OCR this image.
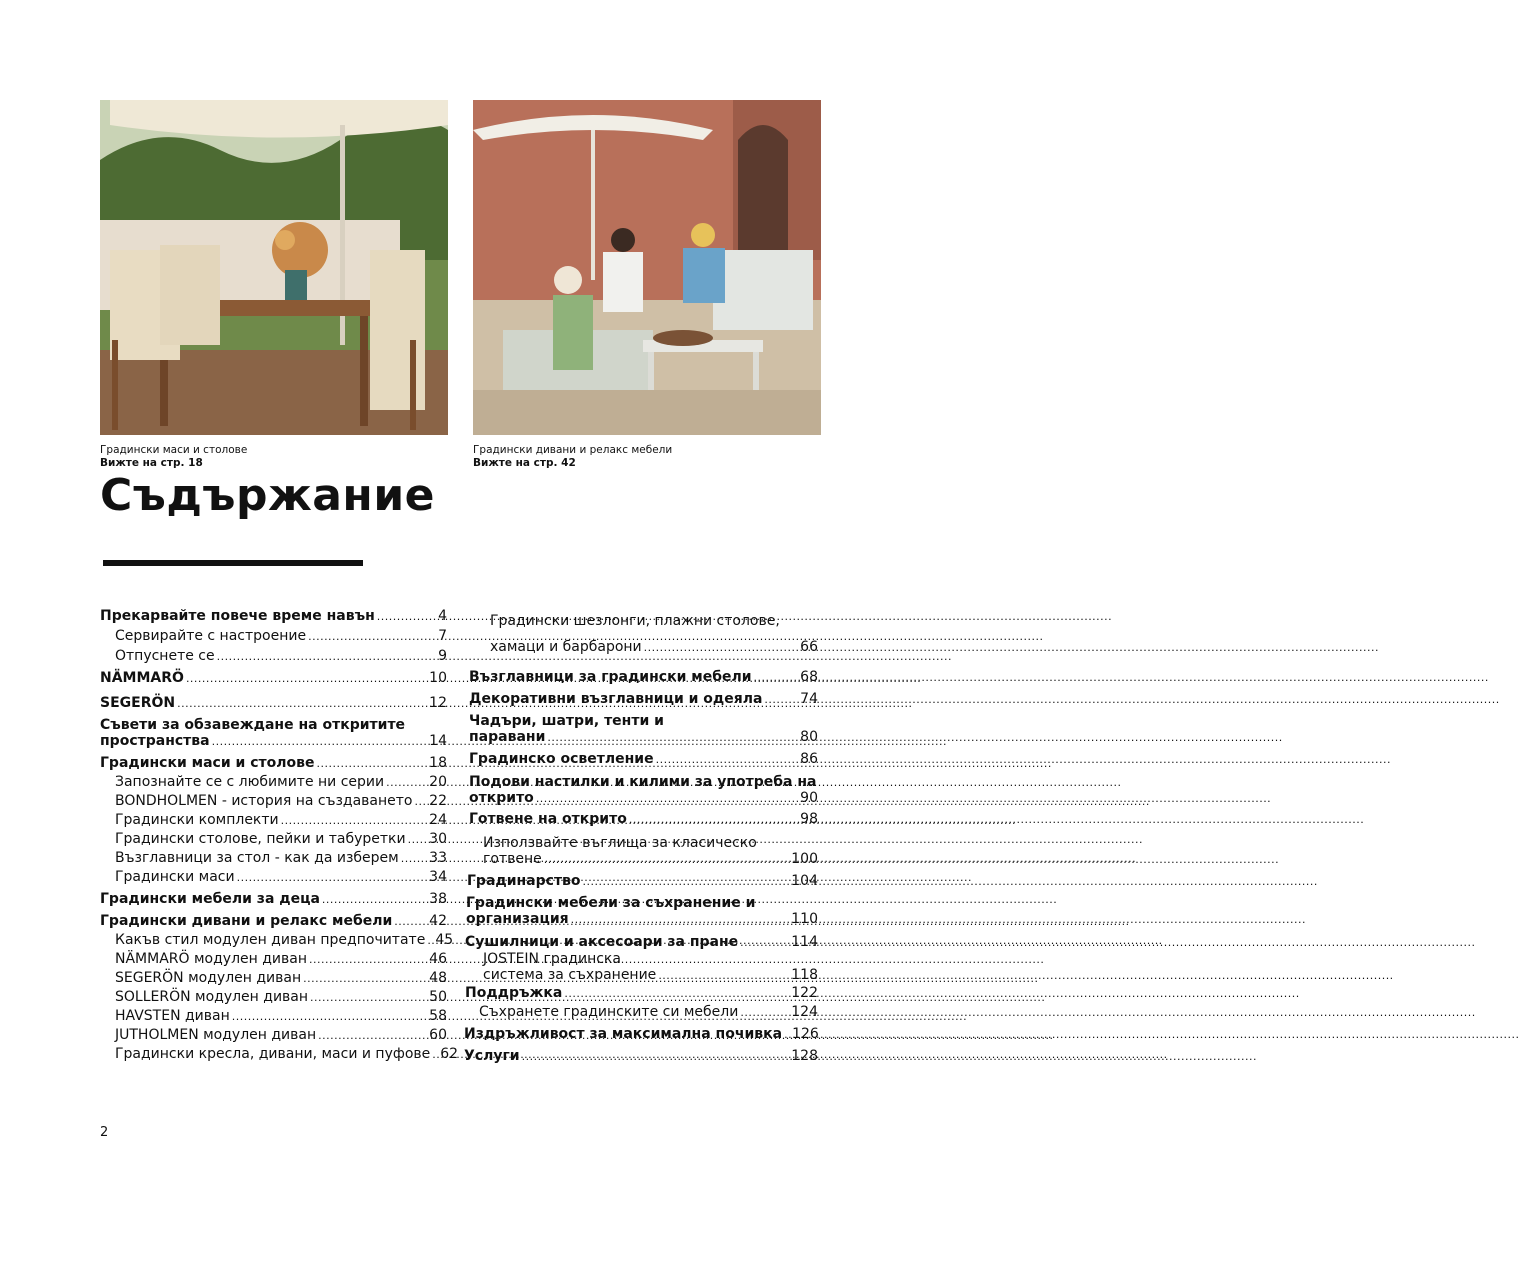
Градински маси и столове
Вижте на стр. 18
Градински дивани и релакс мебели
Вижте на стр. 42
Съдържание
Прекарвайте повече време навън .....	4
Сервирайте с настроение .....	7
Отпуснете се .....	9
NÄMMARÖ .....	10
SEGERÖN .....	12
Съвети за обзавеждане на откритите
пространства .....	14
Градински маси и столове .....	18
Запознайте се с любимите ни серии .....	20
BONDHOLMEN - история на създаването ..... 22
Градински комплекти .....	24
Градински столове, пейки и табуретки ..... 30
Възглавници за стол - как да изберем ..... 33
Градински маси .....	34
Градински мебели за деца .....	38
Градински дивани и релакс мебели .....	42
Какъв стил модулен диван предпочитате ..... 45
NÄMMARÖ модулен диван .....	46
SEGERÖN модулен диван .....	48
SOLLERÖN модулен диван .....	50
HAVSTEN диван .....	58
JUTHOLMEN модулен диван .....	60
Градински кресла, дивани, маси и пуфове ..... 62
Градински шезлонги, плажни столове,
хамаци и барбарони .....	66
Възглавници за градински мебели .....	68
Декоративни възглавници и одеяла .....	74
Чадъри, шатри, тенти и
паравани .....	80
Градинско осветление .....	86
Подови настилки и килими за употреба на
открито .....	90
Готвене на открито .....	98
Използвайте въглища за класическо
готвене .....	100
Градинарство .....	104
Градински мебели за съхранение и
организация .....	110
Сушилници и аксесоари за пране .....	114
JOSTEIN градинска
система за съхранение .....	118
Поддръжка .....	122
Съхранете градинските си мебели .....	124
Издръжливост за максимална почивка ..... 126
Услуги .....	128
2
